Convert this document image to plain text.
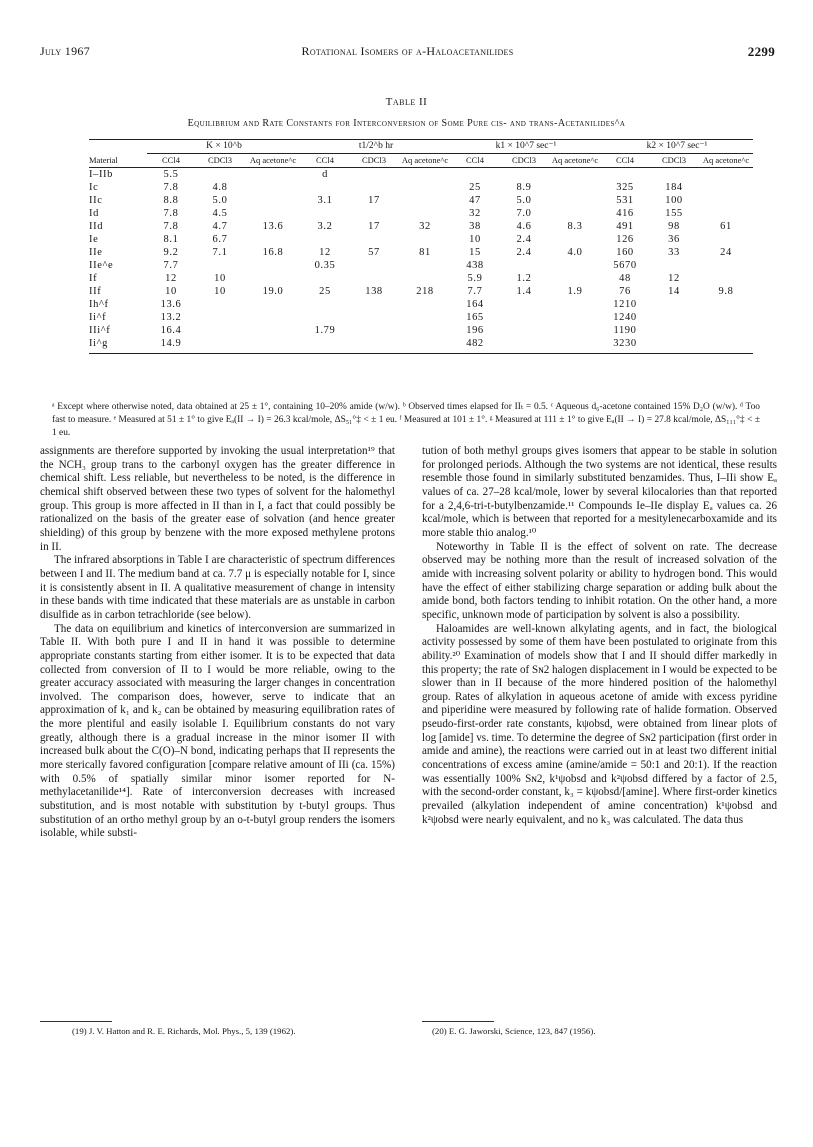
July 1967	Rotational Isomers of α-Haloacetanilides	2299
Table II
Equilibrium and Rate Constants for Interconversion of Some Pure cis- and trans-Acetanilides^a

	K × 10^b			t1/2^b hr			k1 × 10^7 sec⁻¹			k2 × 10^7 sec⁻¹		
Material	CCl4	CDCl3	Aq acetone^c	CCl4	CDCl3	Aq acetone^c	CCl4	CDCl3	Aq acetone^c	CCl4	CDCl3	Aq acetone^c
I–IIb	5.5			d								
Ic	7.8	4.8					25	8.9		325	184	
IIc	8.8	5.0		3.1	17		47	5.0		531	100	
Id	7.8	4.5					32	7.0		416	155	
IId	7.8	4.7	13.6	3.2	17	32	38	4.6	8.3	491	98	61
Ie	8.1	6.7					10	2.4		126	36	
IIe	9.2	7.1	16.8	12	57	81	15	2.4	4.0	160	33	24
IIe^e	7.7			0.35			438			5670		
If	12	10					5.9	1.2		48	12	
IIf	10	10	19.0	25	138	218	7.7	1.4	1.9	76	14	9.8
Ih^f	13.6						164			1210		
Ii^f	13.2						165			1240		
IIi^f	16.4			1.79			196			1190		
Ii^g	14.9						482			3230		
ᵃ Except where otherwise noted, data obtained at 25 ± 1°, containing 10–20% amide (w/w). ᵇ Observed times elapsed for IIₜ = 0.5. ᶜ Aqueous d₆-acetone contained 15% D₂O (w/w). ᵈ Too fast to measure. ᵉ Measured at 51 ± 1° to give Eₐ(II → I) = 26.3 kcal/mole, ΔS₅₁°‡ < ± 1 eu. ᶠ Measured at 101 ± 1°. ᵍ Measured at 111 ± 1° to give Eₐ(II → I) = 27.8 kcal/mole, ΔS₁₁₁°‡ < ± 1 eu.

assignments are therefore supported by invoking the usual interpretation¹⁹ that the NCH₃ group trans to the carbonyl oxygen has the greater difference in chemical shift. Less reliable, but nevertheless to be noted, is the difference in chemical shift observed between these two types of solvent for the halomethyl group. This group is more affected in II than in I, a fact that could possibly be rationalized on the basis of the greater ease of solvation (and hence greater shielding) of this group by benzene with the more exposed methylene protons in II.

The infrared absorptions in Table I are characteristic of spectrum differences between I and II. The medium band at ca. 7.7 μ is especially notable for I, since it is consistently absent in II. A qualitative measurement of change in intensity in these bands with time indicated that these materials are as unstable in carbon disulfide as in carbon tetrachloride (see below).

The data on equilibrium and kinetics of interconversion are summarized in Table II. With both pure I and II in hand it was possible to determine appropriate constants starting from either isomer. It is to be expected that data collected from conversion of II to I would be more reliable, owing to the greater accuracy associated with measuring the larger changes in concentration involved. The comparison does, however, serve to indicate that an approximation of k₁ and k₂ can be obtained by measuring equilibration rates of the more plentiful and easily isolable I. Equilibrium constants do not vary greatly, although there is a gradual increase in the minor isomer II with increased bulk about the C(O)–N bond, indicating perhaps that II represents the more sterically favored configuration [compare relative amount of IIi (ca. 15%) with 0.5% of spatially similar minor isomer reported for N-methylacetanilide¹⁴]. Rate of interconversion decreases with increased substitution, and is most notable with substitution by t-butyl groups. Thus substitution of an ortho methyl group by an o-t-butyl group renders the isomers isolable, while substi-

tution of both methyl groups gives isomers that appear to be stable in solution for prolonged periods. Although the two systems are not identical, these results resemble those found in similarly substituted benzamides. Thus, I–IIi show Eₐ values of ca. 27–28 kcal/mole, lower by several kilocalories than that reported for a 2,4,6-tri-t-butylbenzamide.¹¹ Compounds Ie–IIe display Eₐ values ca. 26 kcal/mole, which is between that reported for a mesitylenecarboxamide and its more stable thio analog.¹⁰

Noteworthy in Table II is the effect of solvent on rate. The decrease observed may be nothing more than the result of increased solvation of the amide with increasing solvent polarity or ability to hydrogen bond. This would have the effect of either stabilizing charge separation or adding bulk about the amide bond, both factors tending to inhibit rotation. On the other hand, a more specific, unknown mode of participation by solvent is also a possibility.

Haloamides are well-known alkylating agents, and in fact, the biological activity possessed by some of them have been postulated to originate from this ability.²⁰ Examination of models show that I and II should differ markedly in this property; the rate of Sɴ2 halogen displacement in I would be expected to be slower than in II because of the more hindered position of the halomethyl group. Rates of alkylation in aqueous acetone of amide with excess pyridine and piperidine were measured by following rate of halide formation. Observed pseudo-first-order rate constants, kψobsd, were obtained from linear plots of log [amide] vs. time. To determine the degree of Sɴ2 participation (first order in amide and amine), the reactions were carried out in at least two different initial concentrations of excess amine (amine/amide = 50:1 and 20:1). If the reaction was essentially 100% Sɴ2, k¹ψobsd and k²ψobsd differed by a factor of 2.5, with the second-order constant, k₃ = kψobsd/[amine]. Where first-order kinetics prevailed (alkylation independent of amine concentration) k¹ψobsd and k²ψobsd were nearly equivalent, and no k₃ was calculated. The data thus

(19) J. V. Hatton and R. E. Richards, Mol. Phys., 5, 139 (1962).	(20) E. G. Jaworski, Science, 123, 847 (1956).
